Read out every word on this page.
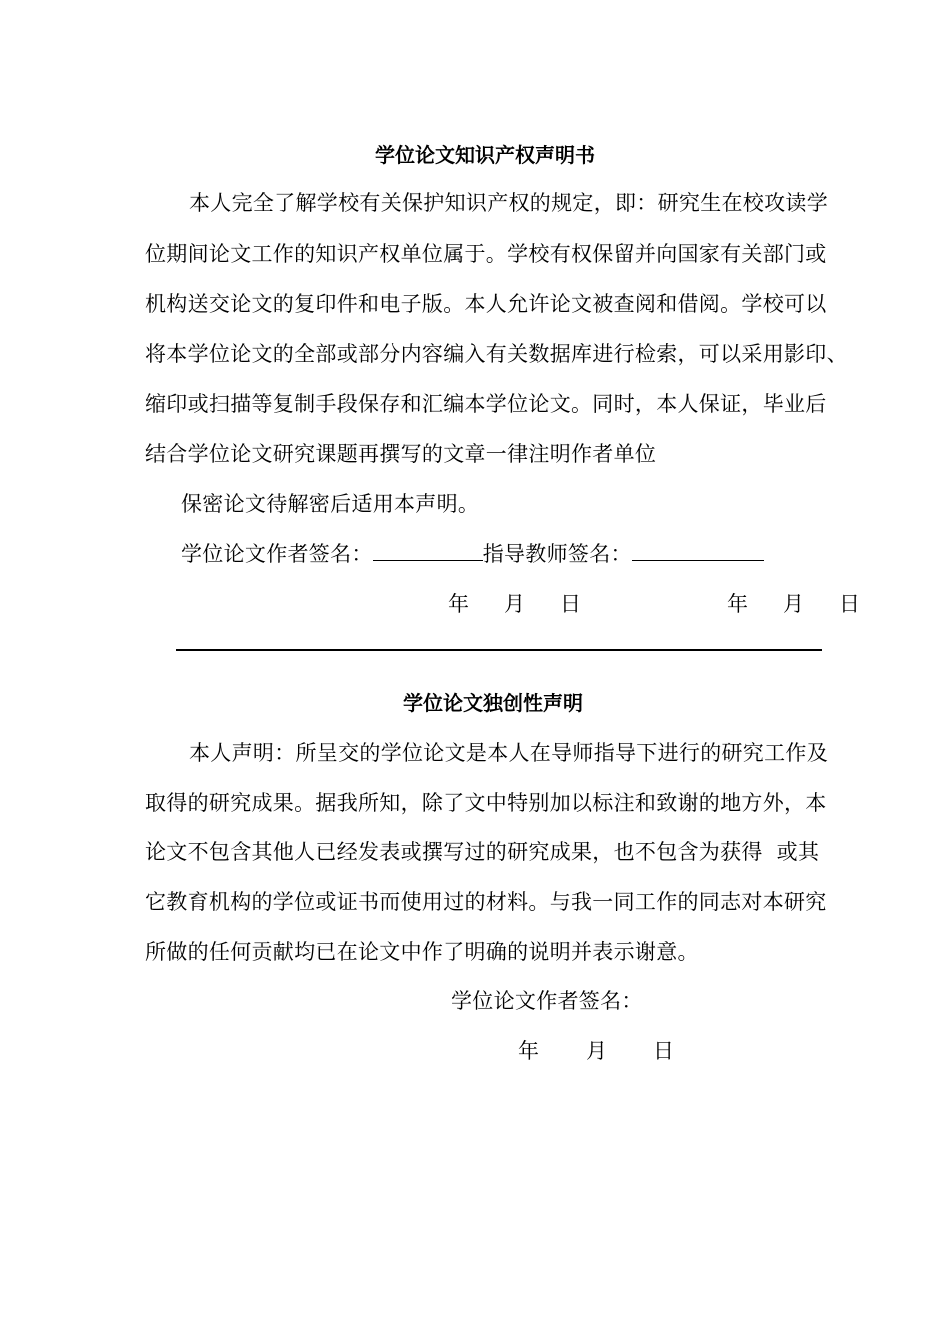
学位论文知识产权声明书
本人完全了解学校有关保护知识产权的规定，即：研究生在校攻读学
位期间论文工作的知识产权单位属于。学校有权保留并向国家有关部门或
机构送交论文的复印件和电子版。本人允许论文被查阅和借阅。学校可以
将本学位论文的全部或部分内容编入有关数据库进行检索，可以采用影印、
缩印或扫描等复制手段保存和汇编本学位论文。同时，本人保证，毕业后
结合学位论文研究课题再撰写的文章一律注明作者单位
保密论文待解密后适用本声明。
学位论文作者签名：	指导教师签名：
年 月 日	年 月 日
学位论文独创性声明
本人声明：所呈交的学位论文是本人在导师指导下进行的研究工作及
取得的研究成果。据我所知，除了文中特别加以标注和致谢的地方外，本
论文不包含其他人已经发表或撰写过的研究成果，也不包含为获得  或其
它教育机构的学位或证书而使用过的材料。与我一同工作的同志对本研究
所做的任何贡献均已在论文中作了明确的说明并表示谢意。
学位论文作者签名：
年 月 日
